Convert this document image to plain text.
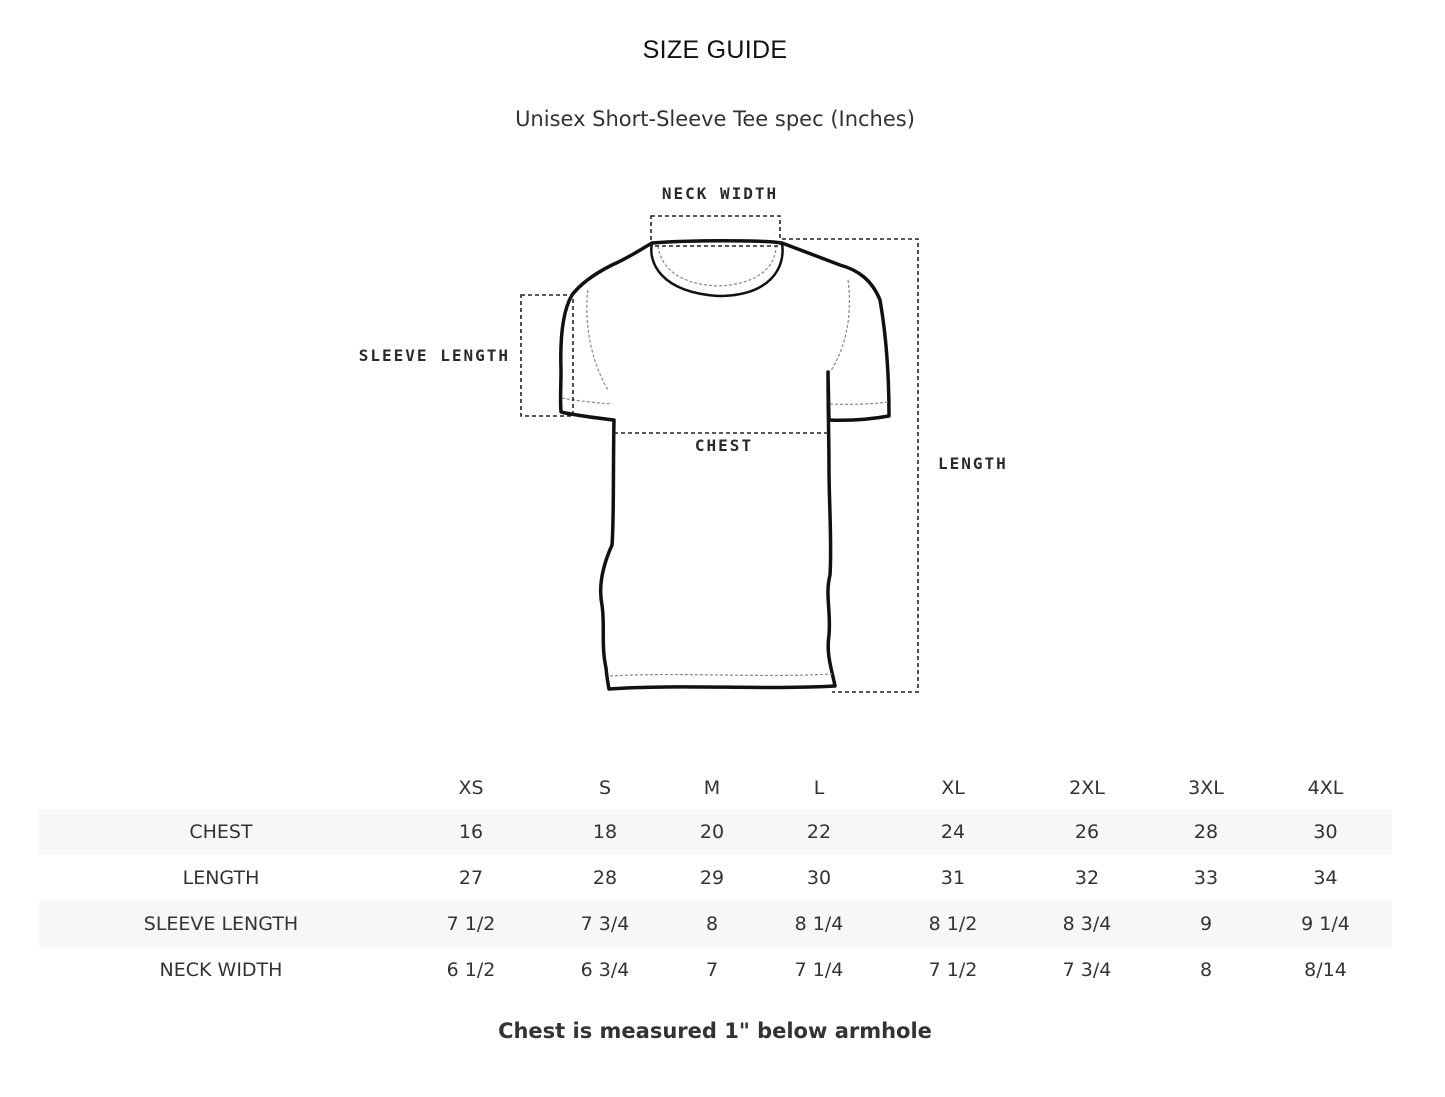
SIZE GUIDE
Unisex Short-Sleeve Tee spec (Inches)
NECK WIDTH
SLEEVE LENGTH
CHEST
LENGTH
	XS	S	M	L	XL	2XL	3XL	4XL
CHEST	16	18	20	22	24	26	28	30
LENGTH	27	28	29	30	31	32	33	34
SLEEVE LENGTH	7 1/2	7 3/4	8	8 1/4	8 1/2	8 3/4	9	9 1/4
NECK WIDTH	6 1/2	6 3/4	7	7 1/4	7 1/2	7 3/4	8	8/14
Chest is measured 1" below armhole
